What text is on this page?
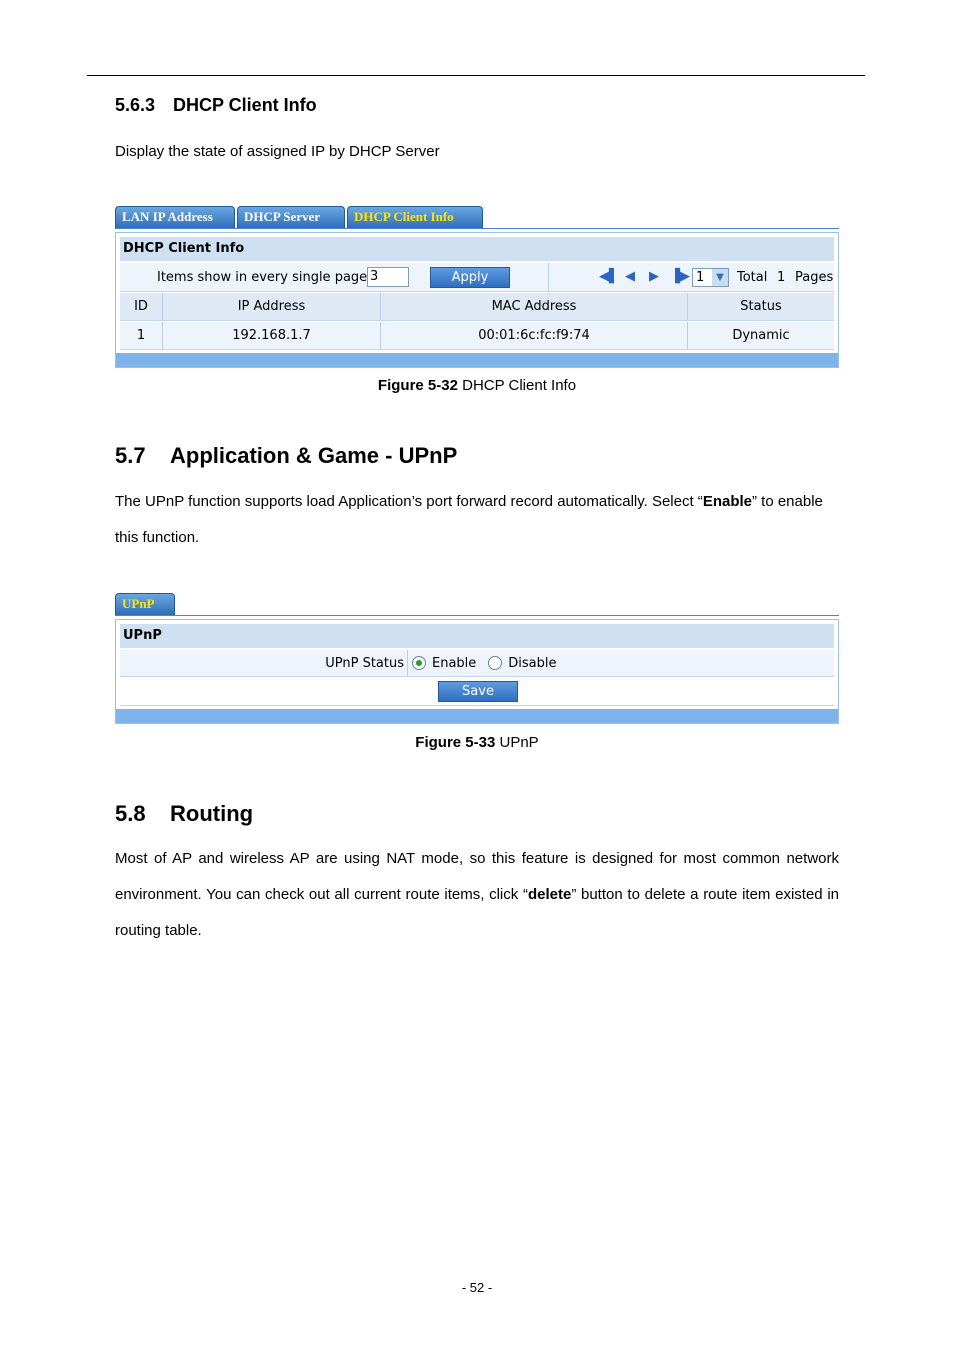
5.6.3 DHCP Client Info

Display the state of assigned IP by DHCP Server

LAN IP Address	DHCP Server	DHCP Client Info
DHCP Client Info
Items show in every single page 3	Apply	◀▌ ◀ ▶ ▐▶ 1	▼	Total 1 Pages
ID	IP Address	MAC Address	Status
1	192.168.1.7	00:01:6c:fc:f9:74	Dynamic
Figure 5-32 DHCP Client Info
5.7 Application & Game - UPnP

The UPnP function supports load Application’s port forward record automatically. Select “Enable” to enable this function.

UPnP
UPnP
UPnP Status Enable Disable
Save
Figure 5-33 UPnP
5.8 Routing

Most of AP and wireless AP are using NAT mode, so this feature is designed for most common network environment. You can check out all current route items, click “delete” button to delete a route item existed in routing table.

- 52 -
